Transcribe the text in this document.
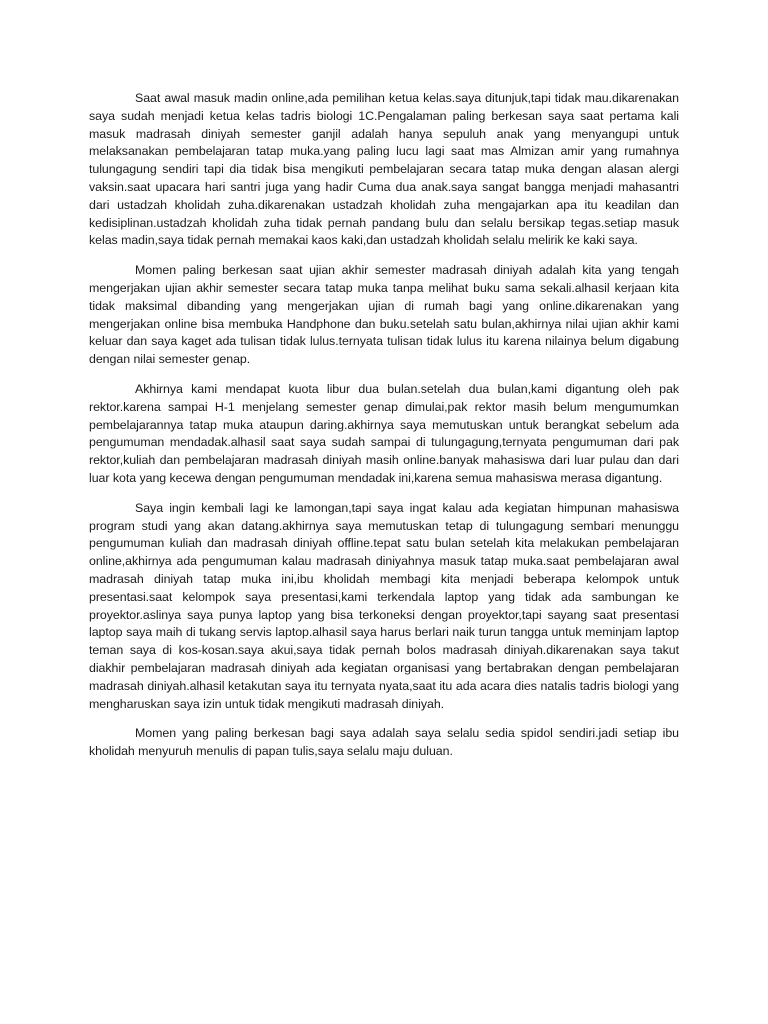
Saat awal masuk madin online,ada pemilihan ketua kelas.saya ditunjuk,tapi tidak mau.dikarenakan saya sudah menjadi ketua kelas tadris biologi 1C.Pengalaman paling berkesan saya saat pertama kali masuk madrasah diniyah semester ganjil adalah hanya sepuluh anak yang menyangupi untuk melaksanakan pembelajaran tatap muka.yang paling lucu lagi saat mas Almizan amir yang rumahnya tulungagung sendiri tapi dia tidak bisa mengikuti pembelajaran secara tatap muka dengan alasan alergi vaksin.saat upacara hari santri juga yang hadir Cuma dua anak.saya sangat bangga menjadi mahasantri dari ustadzah kholidah zuha.dikarenakan ustadzah kholidah zuha mengajarkan apa itu keadilan dan kedisiplinan.ustadzah kholidah zuha tidak pernah pandang bulu dan selalu bersikap tegas.setiap masuk kelas madin,saya tidak pernah memakai kaos kaki,dan ustadzah kholidah selalu melirik ke kaki saya.

Momen paling berkesan saat ujian akhir semester madrasah diniyah adalah kita yang tengah mengerjakan ujian akhir semester secara tatap muka tanpa melihat buku sama sekali.alhasil kerjaan kita tidak maksimal dibanding yang mengerjakan ujian di rumah bagi yang online.dikarenakan yang mengerjakan online bisa membuka Handphone dan buku.setelah satu bulan,akhirnya nilai ujian akhir kami keluar dan saya kaget ada tulisan tidak lulus.ternyata tulisan tidak lulus itu karena nilainya belum digabung dengan nilai semester genap.

Akhirnya kami mendapat kuota libur dua bulan.setelah dua bulan,kami digantung oleh pak rektor.karena sampai H-1 menjelang semester genap dimulai,pak rektor masih belum mengumumkan pembelajarannya tatap muka ataupun daring.akhirnya saya memutuskan untuk berangkat sebelum ada pengumuman mendadak.alhasil saat saya sudah sampai di tulungagung,ternyata pengumuman dari pak rektor,kuliah dan pembelajaran madrasah diniyah masih online.banyak mahasiswa dari luar pulau dan dari luar kota yang kecewa dengan pengumuman mendadak ini,karena semua mahasiswa merasa digantung.

Saya ingin kembali lagi ke lamongan,tapi saya ingat kalau ada kegiatan himpunan mahasiswa program studi yang akan datang.akhirnya saya memutuskan tetap di tulungagung sembari menunggu pengumuman kuliah dan madrasah diniyah offline.tepat satu bulan setelah kita melakukan pembelajaran online,akhirnya ada pengumuman kalau madrasah diniyahnya masuk tatap muka.saat pembelajaran awal madrasah diniyah tatap muka ini,ibu kholidah membagi kita menjadi beberapa kelompok untuk presentasi.saat kelompok saya presentasi,kami terkendala laptop yang tidak ada sambungan ke proyektor.aslinya saya punya laptop yang bisa terkoneksi dengan proyektor,tapi sayang saat presentasi laptop saya maih di tukang servis laptop.alhasil saya harus berlari naik turun tangga untuk meminjam laptop teman saya di kos-kosan.saya akui,saya tidak pernah bolos madrasah diniyah.dikarenakan saya takut diakhir pembelajaran madrasah diniyah ada kegiatan organisasi yang bertabrakan dengan pembelajaran madrasah diniyah.alhasil ketakutan saya itu ternyata nyata,saat itu ada acara dies natalis tadris biologi yang mengharuskan saya izin untuk tidak mengikuti madrasah diniyah.

Momen yang paling berkesan bagi saya adalah saya selalu sedia spidol sendiri.jadi setiap ibu kholidah menyuruh menulis di papan tulis,saya selalu maju duluan.
